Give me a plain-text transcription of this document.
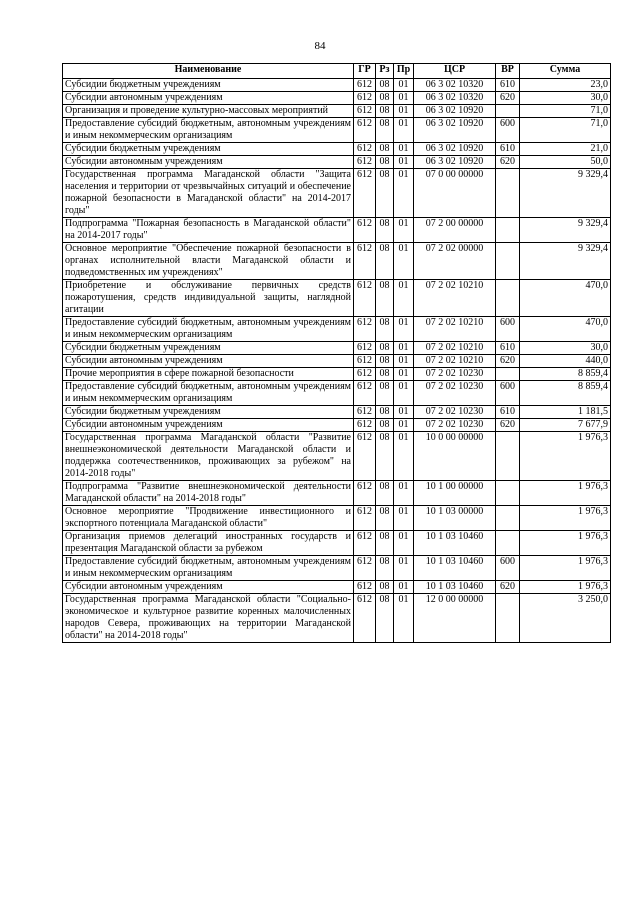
84
Наименование	ГР	Рз	Пр	ЦСР	ВР	Сумма
Субсидии бюджетным учреждениям	612	08	01	06 3 02 10320	610	23,0
Субсидии автономным учреждениям	612	08	01	06 3 02 10320	620	30,0
Организация и проведение культурно-массовых мероприятий	612	08	01	06 3 02 10920		71,0
Предоставление субсидий бюджетным, автономным учреждениям и иным некоммерческим организациям	612	08	01	06 3 02 10920	600	71,0
Субсидии бюджетным учреждениям	612	08	01	06 3 02 10920	610	21,0
Субсидии автономным учреждениям	612	08	01	06 3 02 10920	620	50,0
Государственная программа Магаданской области "Защита населения и территории от чрезвычайных ситуаций и обеспечение пожарной безопасности в Магаданской области" на 2014-2017 годы"	612	08	01	07 0 00 00000		9 329,4
Подпрограмма "Пожарная безопасность в Магаданской области" на 2014-2017 годы"	612	08	01	07 2 00 00000		9 329,4
Основное мероприятие "Обеспечение пожарной безопасности в органах исполнительной власти Магаданской области и подведомственных им учреждениях"	612	08	01	07 2 02 00000		9 329,4
Приобретение и обслуживание первичных средств пожаротушения, средств индивидуальной защиты, наглядной агитации	612	08	01	07 2 02 10210		470,0
Предоставление субсидий бюджетным, автономным учреждениям и иным некоммерческим организациям	612	08	01	07 2 02 10210	600	470,0
Субсидии бюджетным учреждениям	612	08	01	07 2 02 10210	610	30,0
Субсидии автономным учреждениям	612	08	01	07 2 02 10210	620	440,0
Прочие мероприятия в сфере пожарной безопасности	612	08	01	07 2 02 10230		8 859,4
Предоставление субсидий бюджетным, автономным учреждениям и иным некоммерческим организациям	612	08	01	07 2 02 10230	600	8 859,4
Субсидии бюджетным учреждениям	612	08	01	07 2 02 10230	610	1 181,5
Субсидии автономным учреждениям	612	08	01	07 2 02 10230	620	7 677,9
Государственная программа Магаданской области "Развитие внешнеэкономической деятельности Магаданской области и поддержка соотечественников, проживающих за рубежом" на 2014-2018 годы"	612	08	01	10 0 00 00000		1 976,3
Подпрограмма "Развитие внешнеэкономической деятельности Магаданской области" на 2014-2018 годы"	612	08	01	10 1 00 00000		1 976,3
Основное мероприятие "Продвижение инвестиционного и экспортного потенциала Магаданской области"	612	08	01	10 1 03 00000		1 976,3
Организация приемов делегаций иностранных государств и презентация Магаданской области за рубежом	612	08	01	10 1 03 10460		1 976,3
Предоставление субсидий бюджетным, автономным учреждениям и иным некоммерческим организациям	612	08	01	10 1 03 10460	600	1 976,3
Субсидии автономным учреждениям	612	08	01	10 1 03 10460	620	1 976,3
Государственная программа Магаданской области "Социально-экономическое и культурное развитие коренных малочисленных народов Севера, проживающих на территории Магаданской области" на 2014-2018 годы"	612	08	01	12 0 00 00000		3 250,0
